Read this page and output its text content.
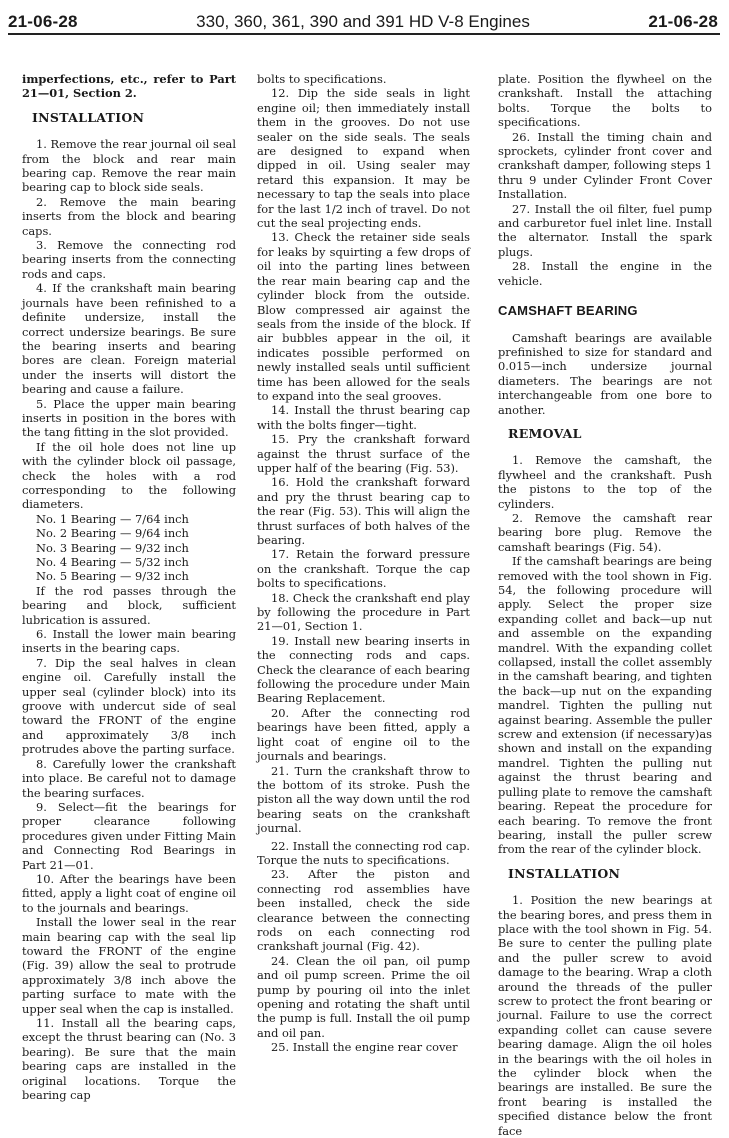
21-06-28	330, 360, 361, 390 and 391 HD V-8 Engines	21-06-28

imperfections, etc., refer to Part 21—01, Section 2.

INSTALLATION

1. Remove the rear journal oil seal from the block and rear main bearing cap. Remove the rear main bearing cap to block side seals.

2. Remove the main bearing inserts from the block and bearing caps.

3. Remove the connecting rod bearing inserts from the connecting rods and caps.

4. If the crankshaft main bearing journals have been refinished to a definite undersize, install the correct undersize bearings. Be sure the bearing inserts and bearing bores are clean. Foreign material under the inserts will distort the bearing and cause a failure.

5. Place the upper main bearing inserts in position in the bores with the tang fitting in the slot provided.

If the oil hole does not line up with the cylinder block oil passage, check the holes with a rod corresponding to the following diameters.

No. 1 Bearing — 7/64 inch

No. 2 Bearing — 9/64 inch

No. 3 Bearing — 9/32 inch

No. 4 Bearing — 5/32 inch

No. 5 Bearing — 9/32 inch

If the rod passes through the bearing and block, sufficient lubrication is assured.

6. Install the lower main bearing inserts in the bearing caps.

7. Dip the seal halves in clean engine oil. Carefully install the upper seal (cylinder block) into its groove with undercut side of seal toward the FRONT of the engine and approximately 3/8 inch protrudes above the parting surface.

8. Carefully lower the crankshaft into place. Be careful not to damage the bearing surfaces.

9. Select—fit the bearings for proper clearance following procedures given under Fitting Main and Connecting Rod Bearings in Part 21—01.

10. After the bearings have been fitted, apply a light coat of engine oil to the journals and bearings.

Install the lower seal in the rear main bearing cap with the seal lip toward the FRONT of the engine (Fig. 39) allow the seal to protrude approximately 3/8 inch above the parting surface to mate with the upper seal when the cap is installed.

11. Install all the bearing caps, except the thrust bearing can (No. 3 bearing). Be sure that the main bearing caps are installed in the original locations. Torque the bearing cap

bolts to specifications.

12. Dip the side seals in light engine oil; then immediately install them in the grooves. Do not use sealer on the side seals. The seals are designed to expand when dipped in oil. Using sealer may retard this expansion. It may be necessary to tap the seals into place for the last 1/2 inch of travel. Do not cut the seal projecting ends.

13. Check the retainer side seals for leaks by squirting a few drops of oil into the parting lines between the rear main bearing cap and the cylinder block from the outside. Blow compressed air against the seals from the inside of the block. If air bubbles appear in the oil, it indicates possible performed on newly installed seals until sufficient time has been allowed for the seals to expand into the seal grooves.

14. Install the thrust bearing cap with the bolts finger—tight.

15. Pry the crankshaft forward against the thrust surface of the upper half of the bearing (Fig. 53).

16. Hold the crankshaft forward and pry the thrust bearing cap to the rear (Fig. 53). This will align the thrust surfaces of both halves of the bearing.

17. Retain the forward pressure on the crankshaft. Torque the cap bolts to specifications.

18. Check the crankshaft end play by following the procedure in Part 21—01, Section 1.

19. Install new bearing inserts in the connecting rods and caps. Check the clearance of each bearing following the procedure under Main Bearing Replacement.

20. After the connecting rod bearings have been fitted, apply a light coat of engine oil to the journals and bearings.

21. Turn the crankshaft throw to the bottom of its stroke. Push the piston all the way down until the rod bearing seats on the crankshaft journal.

22. Install the connecting rod cap. Torque the nuts to specifications.

23. After the piston and connecting rod assemblies have been installed, check the side clearance between the connecting rods on each connecting rod crankshaft journal (Fig. 42).

24. Clean the oil pan, oil pump and oil pump screen. Prime the oil pump by pouring oil into the inlet opening and rotating the shaft until the pump is full. Install the oil pump and oil pan.

25. Install the engine rear cover

plate. Position the flywheel on the crankshaft. Install the attaching bolts. Torque the bolts to specifications.

26. Install the timing chain and sprockets, cylinder front cover and crankshaft damper, following steps 1 thru 9 under Cylinder Front Cover Installation.

27. Install the oil filter, fuel pump and carburetor fuel inlet line. Install the alternator. Install the spark plugs.

28. Install the engine in the vehicle.

CAMSHAFT BEARING

Camshaft bearings are available prefinished to size for standard and 0.015—inch undersize journal diameters. The bearings are not interchangeable from one bore to another.

REMOVAL

1. Remove the camshaft, the flywheel and the crankshaft. Push the pistons to the top of the cylinders.

2. Remove the camshaft rear bearing bore plug. Remove the camshaft bearings (Fig. 54).

If the camshaft bearings are being removed with the tool shown in Fig. 54, the following procedure will apply. Select the proper size expanding collet and back—up nut and assemble on the expanding mandrel. With the expanding collet collapsed, install the collet assembly in the camshaft bearing, and tighten the back—up nut on the expanding mandrel. Tighten the pulling nut against bearing. Assemble the puller screw and extension (if necessary)as shown and install on the expanding mandrel. Tighten the pulling nut against the thrust bearing and pulling plate to remove the camshaft bearing. Repeat the procedure for each bearing. To remove the front bearing, install the puller screw from the rear of the cylinder block.

INSTALLATION

1. Position the new bearings at the bearing bores, and press them in place with the tool shown in Fig. 54. Be sure to center the pulling plate and the puller screw to avoid damage to the bearing. Wrap a cloth around the threads of the puller screw to protect the front bearing or journal. Failure to use the correct expanding collet can cause severe bearing damage. Align the oil holes in the bearings with the oil holes in the cylinder block when the bearings are installed. Be sure the front bearing is installed the specified distance below the front face
